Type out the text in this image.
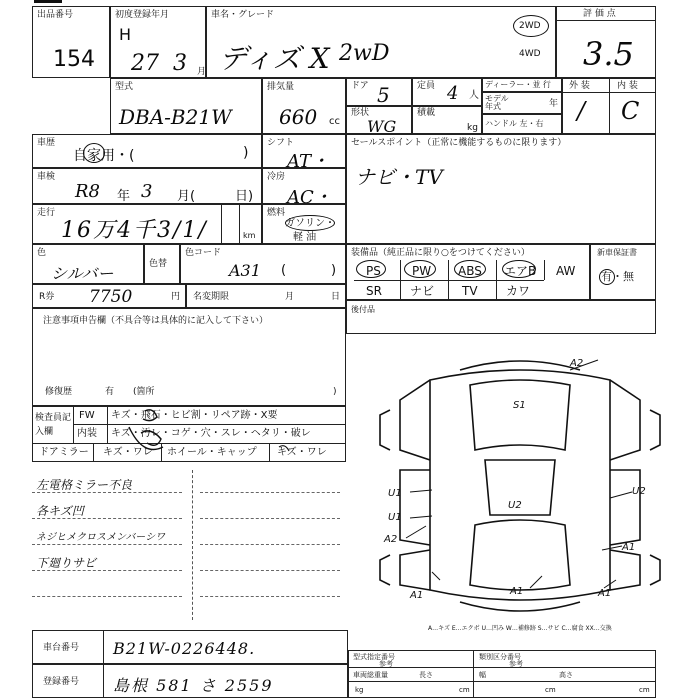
出品番号
154
初度登録年月
H
27 3 月
車名・グレード
ディズ X 2wD
2WD
4WD
評 価 点
3.5
型式
DBA-B21W
排気量
660 cc
ドア 5	定員 4 人
ディーラー・並 行
モデル年式	年
形状
WG
積載
kg ハンドル 左・右
外 装	内 装
/ C
車歴
自家用・(	)
シフト
AT・
車検
R8 年 3 月(	日)
冷房
AC・
走行
16万4千3/1/	km
燃料
ガソリン・
軽 油
色
シルバー	色替
色コード
A31 (	)
R券 7750	円 名変期限	月	日
セールスポイント（正常に機能するものに限ります）
ナビ・TV
装備品（純正品に限り○をつけてください）	新車保証書
有・無
PS	PW ABS エアB AW
SR ナビ TV カワ
後付品
注意事項申告欄（不具合等は具体的に記入して下さい）
修復歴	有 (箇所	)
検査員記入欄
FW キズ・飛石・ヒビ割・リペア跡・X要
内装 キズ・汚レ・コゲ・穴・スレ・ヘタリ・破レ
ドアミラー キズ・ワレ ホイール・キャップ キズ・ワレ
左電格ミラー不良
各キズ凹
ネジヒメクロスメンバーシワ
下廻りサビ
A2
S1
U1
U1
U2
U2
A2
A1
A1	A1	A1
A…キズ E…エクボ U…凹み W…補修跡 S…サビ C…腐食 XX…交換
車台番号 B21W-0226448.
登録番号 島根 581 さ 2559
型式指定番号
参考
類別区分番号
参考
車両総重量	長さ	幅	高さ
kg	cm	cm	cm
